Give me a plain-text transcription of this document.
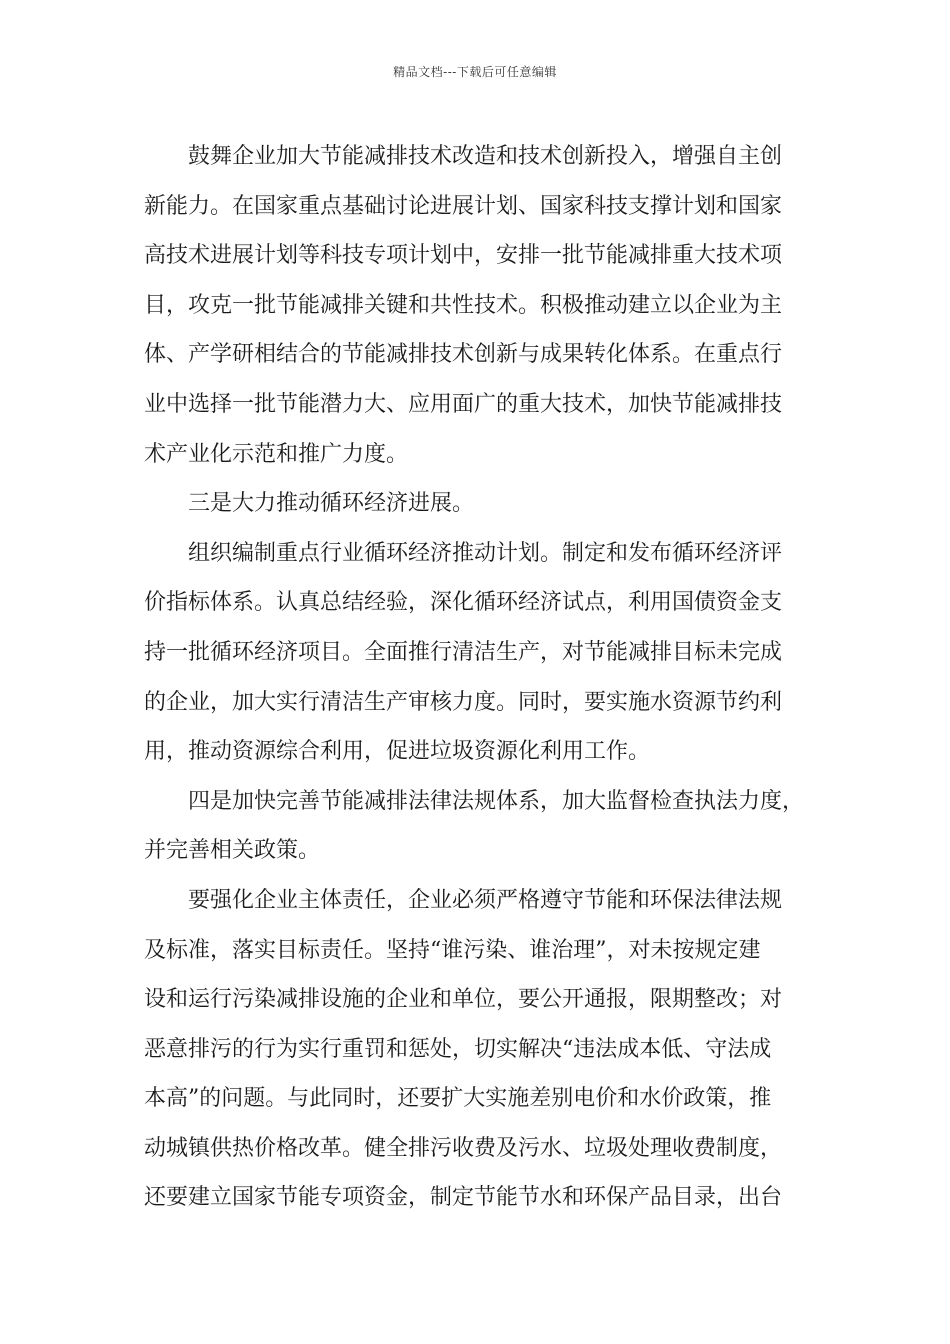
精品文档---下载后可任意编辑

鼓舞企业加大节能减排技术改造和技术创新投入，增强自主创
新能力。在国家重点基础讨论进展计划、国家科技支撑计划和国家
高技术进展计划等科技专项计划中，安排一批节能减排重大技术项
目，攻克一批节能减排关键和共性技术。积极推动建立以企业为主
体、产学研相结合的节能减排技术创新与成果转化体系。在重点行
业中选择一批节能潜力大、应用面广的重大技术，加快节能减排技
术产业化示范和推广力度。

三是大力推动循环经济进展。

组织编制重点行业循环经济推动计划。制定和发布循环经济评
价指标体系。认真总结经验，深化循环经济试点，利用国债资金支
持一批循环经济项目。全面推行清洁生产，对节能减排目标未完成
的企业，加大实行清洁生产审核力度。同时，要实施水资源节约利
用，推动资源综合利用，促进垃圾资源化利用工作。

四是加快完善节能减排法律法规体系，加大监督检查执法力度，
并完善相关政策。

要强化企业主体责任，企业必须严格遵守节能和环保法律法规
及标准，落实目标责任。坚持“谁污染、谁治理”，对未按规定建
设和运行污染减排设施的企业和单位，要公开通报，限期整改；对
恶意排污的行为实行重罚和惩处，切实解决“违法成本低、守法成
本高”的问题。与此同时，还要扩大实施差别电价和水价政策，推
动城镇供热价格改革。健全排污收费及污水、垃圾处理收费制度，
还要建立国家节能专项资金，制定节能节水和环保产品目录，出台
